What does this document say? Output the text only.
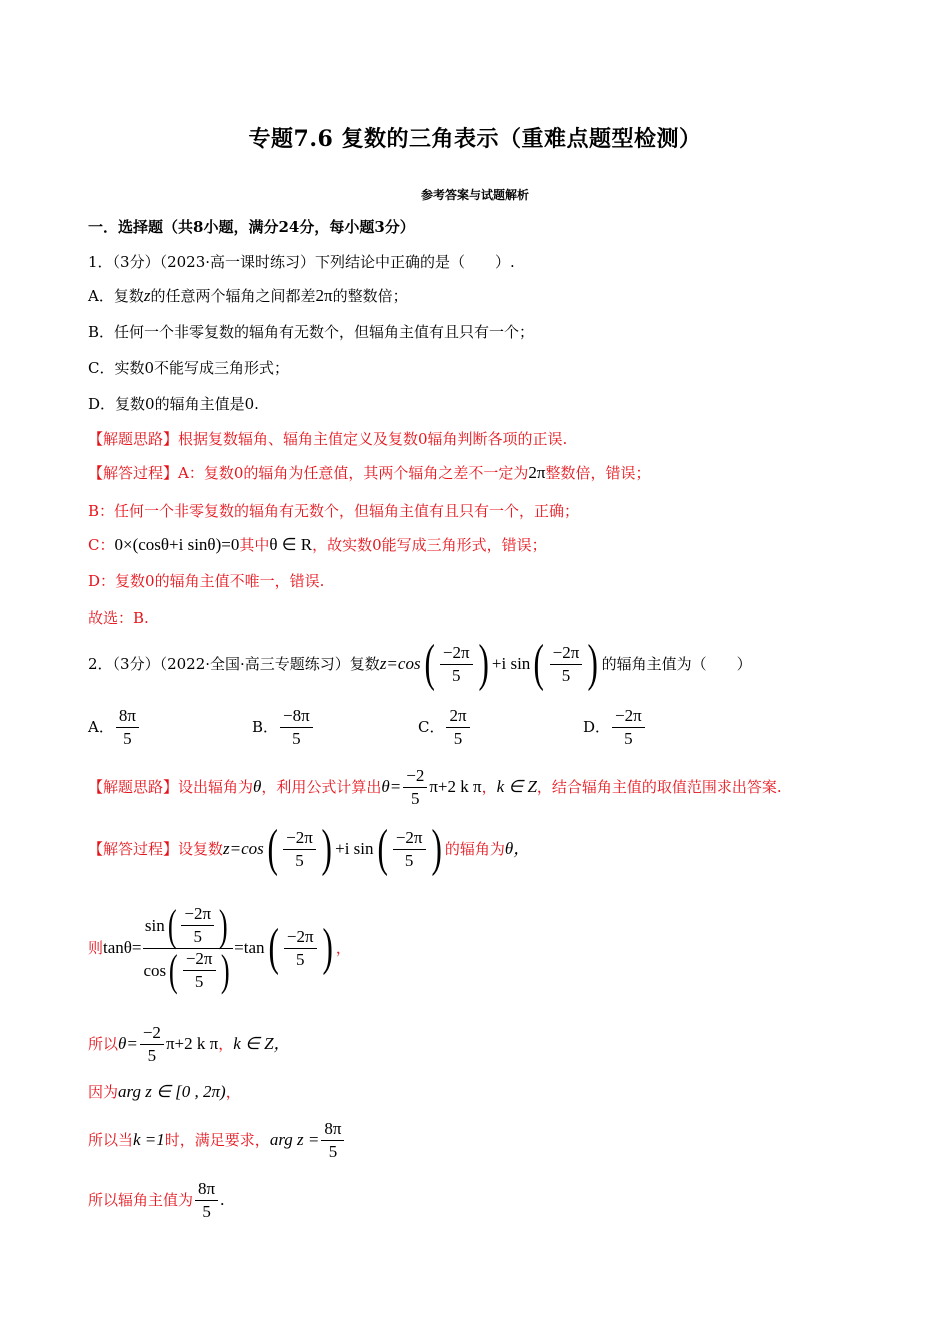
专题7.6 复数的三角表示（重难点题型检测）
参考答案与试题解析
一．选择题（共8小题，满分24分，每小题3分）
1．（3分）（2023·高一课时练习）下列结论中正确的是（　　）.
A．复数z的任意两个辐角之间都差2π的整数倍；
B．任何一个非零复数的辐角有无数个，但辐角主值有且只有一个；
C．实数0不能写成三角形式；
D．复数0的辐角主值是0.
【解题思路】根据复数辐角、辐角主值定义及复数0辐角判断各项的正误.
【解答过程】A：复数0的辐角为任意值，其两个辐角之差不一定为2π整数倍，错误；
B：任何一个非零复数的辐角有无数个，但辐角主值有且只有一个，正确；
C：0×(cosθ+i sinθ)=0其中θ ∈ R，故实数0能写成三角形式，错误；
D：复数0的辐角主值不唯一，错误.
故选：B.
2．（3分）（2022·全国·高三专题练习）复数 z=cos ( $\frac{-2\pi}{5}$ ) +i sin ( $\frac{-2\pi}{5}$ ) 的辐角主值为（　　）
A． $\frac{8\pi}{5}$	B． $\frac{-8\pi}{5}$	C． $\frac{2\pi}{5}$	D． $\frac{-2\pi}{5}$
【解题思路】 设出辐角为 θ ，利用公式计算出 $\theta= \frac{-2}{5} \pi+2$ k π ， k ∈ Z ，结合辐角主值的取值范围求出答案.
【解答过程】 设复数 z=cos ( $\frac{-2\pi}{5}$ ) +i sin ( $\frac{-2\pi}{5}$ ) 的辐角为 θ，
则 $\tan\theta= \frac{\sin ( \frac{-2\pi}{5} )}{\cos ( \frac{-2\pi}{5} )} =\tan$ ( $\frac{-2\pi}{5}$ ) ，
所以 $\theta= \frac{-2}{5} \pi+2$ k π ， k ∈ Z，
因为arg z ∈ [0 , 2π)，
所以当 k =1 时，满足要求， arg $z = \frac{8\pi}{5}$
所以辐角主值为 $\frac{8\pi}{5}$ .
